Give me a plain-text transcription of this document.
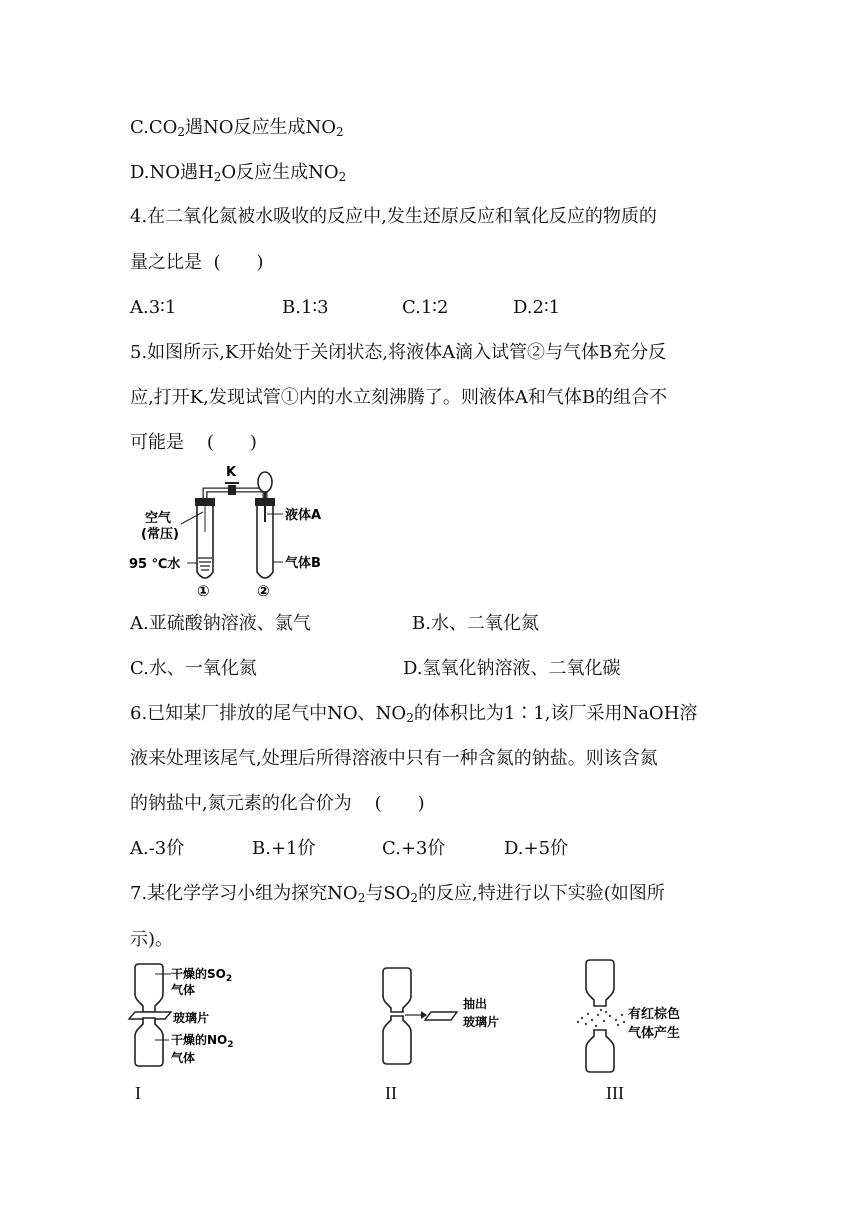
$C.CO_2$遇NO反应生成$NO_2$
D.NO遇$H_2O$反应生成$NO_2$
4.在二氧化氮被水吸收的反应中,发生还原反应和氧化反应的物质的
量之比是 (　　)
A.3∶1	B.1∶3	C.1∶2	D.2∶1
5.如图所示,K开始处于关闭状态,将液体A滴入试管②与气体B充分反
应,打开K,发现试管①内的水立刻沸腾了。则液体A和气体B的组合不
可能是 (　　)
K
空气
(常压)
95 ℃水
液体A
气体B
①	②
A.亚硫酸钠溶液、氯气	B.水、二氧化氮
C.水、一氧化氮	D.氢氧化钠溶液、二氧化碳
6.已知某厂排放的尾气中NO、$NO_2$的体积比为1∶1,该厂采用NaOH溶
液来处理该尾气,处理后所得溶液中只有一种含氮的钠盐。则该含氮
的钠盐中,氮元素的化合价为 (　　)
A.-3价	B.+1价	C.+3价	D.+5价
7.某化学学习小组为探究$NO_2$与$SO_2$的反应,特进行以下实验(如图所
示)。
干燥的$SO_2$
气体
玻璃片
干燥的$NO_2$
气体
抽出
玻璃片	有红棕色
气体产生
I	II	III
